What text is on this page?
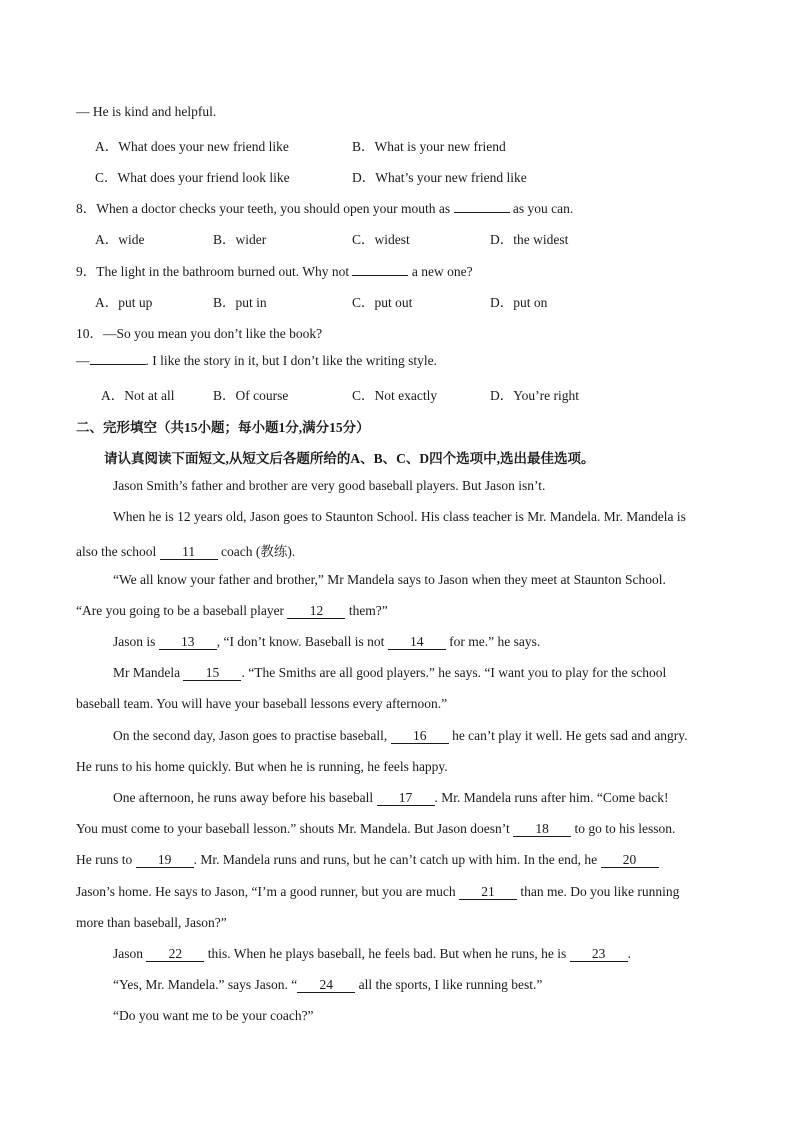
— He is kind and helpful.
A．What does your new friend like	B．What is your new friend
C．What does your friend look like	D．What’s your new friend like
8．When a doctor checks your teeth, you should open your mouth as	as you can.
A．wide	B．wider	C．widest	D．the widest
9．The light in the bathroom burned out. Why not	a new one?
A．put up	B．put in	C．put out	D．put on
10．—So you mean you don’t like the book?
—	. I like the story in it, but I don’t like the writing style.
A．Not at all	B．Of course	C．Not exactly	D．You’re right
二、完形填空（共15小题；每小题1分,满分15分）
请认真阅读下面短文,从短文后各题所给的A、B、C、D四个选项中,选出最佳选项。
Jason Smith’s father and brother are very good baseball players. But Jason isn’t.
When he is 12 years old, Jason goes to Staunton School. His class teacher is Mr. Mandela. Mr. Mandela is
also the school 11 coach (教练).
“We all know your father and brother,” Mr Mandela says to Jason when they meet at Staunton School.
“Are you going to be a baseball player 12 them?”
Jason is 13 , “I don’t know. Baseball is not 14 for me.” he says.
Mr Mandela 15 . “The Smiths are all good players.” he says. “I want you to play for the school
baseball team. You will have your baseball lessons every afternoon.”
On the second day, Jason goes to practise baseball, 16 he can’t play it well. He gets sad and angry.
He runs to his home quickly. But when he is running, he feels happy.
One afternoon, he runs away before his baseball 17 . Mr. Mandela runs after him. “Come back!
You must come to your baseball lesson.” shouts Mr. Mandela. But Jason doesn’t 18 to go to his lesson.
He runs to 19 . Mr. Mandela runs and runs, but he can’t catch up with him. In the end, he 20
Jason’s home. He says to Jason, “I’m a good runner, but you are much 21 than me. Do you like running
more than baseball, Jason?”
Jason 22 this. When he plays baseball, he feels bad. But when he runs, he is 23 .
“Yes, Mr. Mandela.” says Jason. “ 24 all the sports, I like running best.”
“Do you want me to be your coach?”
